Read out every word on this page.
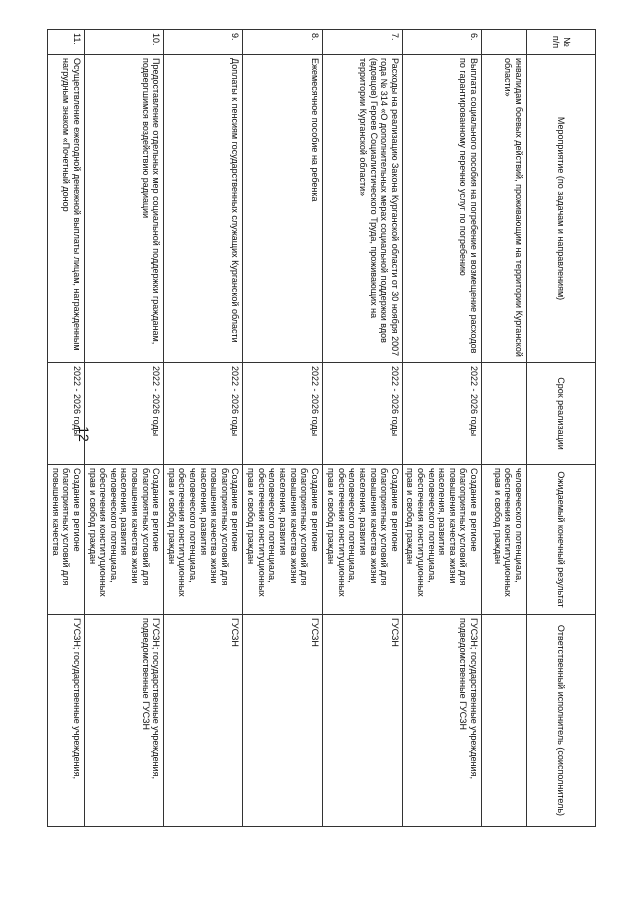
12
№ п/п	Мероприятие (по задачам и направлениям)	Срок реализации	Ожидаемый конечный результат	Ответственный исполнитель (соисполнитель)
	инвалидам боевых действий, проживающим на территории Курганской области»		человеческого потенциала, обеспечения конституционных прав и свобод граждан	
6.	Выплата социального пособия на погребение и возмещение расходов по гарантированному перечню услуг по погребению	2022 - 2026 годы	Создание в регионе благоприятных условий для повышения качества жизни населения, развития человеческого потенциала, обеспечения конституционных прав и свобод граждан	ГУСЗН; государственные учреждения, подведомственные ГУСЗН
7.	Расходы на реализацию Закона Курганской области от 30 ноября 2007 года № 314 «О дополнительных мерах социальной поддержки вдов (вдовцов) Героев Социалистического Труда, проживающих на территории Курганской области»	2022 - 2026 годы	Создание в регионе благоприятных условий для повышения качества жизни населения, развития человеческого потенциала, обеспечения конституционных прав и свобод граждан	ГУСЗН
8.	Ежемесячное пособие на ребенка	2022 - 2026 годы	Создание в регионе благоприятных условий для повышения качества жизни населения, развития человеческого потенциала, обеспечения конституционных прав и свобод граждан	ГУСЗН
9.	Доплаты к пенсиям государственных служащих Курганской области	2022 - 2026 годы	Создание в регионе благоприятных условий для повышения качества жизни населения, развития человеческого потенциала, обеспечения конституционных прав и свобод граждан	ГУСЗН
10.	Предоставление отдельных мер социальной поддержки гражданам, подвергшимся воздействию радиации	2022 - 2026 годы	Создание в регионе благоприятных условий для повышения качества жизни населения, развития человеческого потенциала, обеспечения конституционных прав и свобод граждан	ГУСЗН; государственные учреждения, подведомственные ГУСЗН
11.	Осуществление ежегодной денежной выплаты лицам, награжденным нагрудным знаком «Почетный донор	2022 - 2026 годы	Создание в регионе благоприятных условий для повышения качества	ГУСЗН; государственные учреждения,
